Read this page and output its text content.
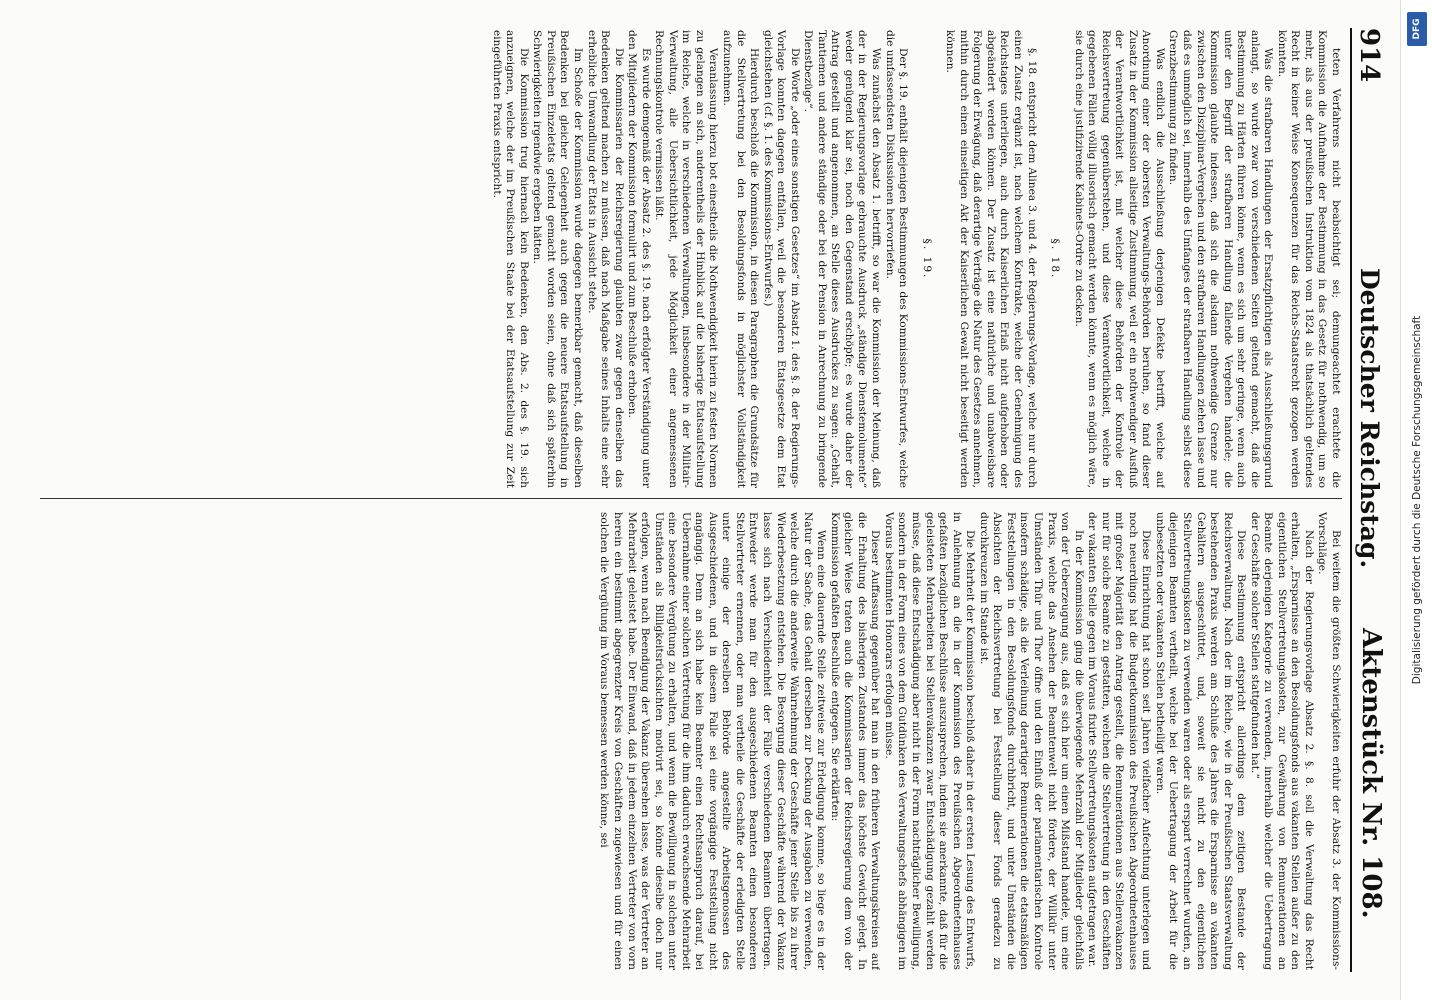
914
Deutscher Reichstag.
Aktenstück Nr. 108.

teten Verfahrens nicht beabsichtigt sei; demungeachtet erachtete die Kommission die Aufnahme der Bestimmung in das Gesetz für nothwendig, um so mehr, als aus der preußischen Instruktion vom 1824 als thatsächlich geltendes Recht in keiner Weise Konsequenzen für das Reichs-Staatsrecht gezogen werden könnten.

Was die strafbaren Handlungen der Ersatzpflichtigen als Ausschließungsgrund anlangt, so wurde zwar von verschiedenen Seiten geltend gemacht, daß die Bestimmung zu Härten führen könne, wenn es sich um sehr geringe, wenn auch unter den Begriff der strafbaren Handlung fallende Vergehen handele; die Kommission glaubte indessen, daß sich die alsdann nothwendige Grenze nur zwischen den Disziplinar-Vergehen und den strafbaren Handlungen ziehen lasse und daß es unmöglich sei, innerhalb des Umfanges der strafbaren Handlung selbst diese Grenzbestimmung zu finden.

Was endlich die Ausschließung derjenigen Defekte betrifft, welche auf Anordnung einer der obersten Verwaltungs-Behörden beruhen, so fand dieser Zusatz in der Kommission allseitige Zustimmung, weil er ein nothwendiger Ausfluß der Verantwortlichkeit ist, mit welcher diese Behörden der Kontrole der Reichsvertretung gegenüberstehen, und diese Verantwortlichkeit, welche in gegebenen Fällen völlig illusorisch gemacht werden könnte, wenn es möglich wäre, sie durch eine justifizirende Kabinets-Ordre zu decken.

§. 18.

§. 18. entspricht dem Alinea 3. und 4. der Regierungs-Vorlage, welche nur durch einen Zusatz ergänzt ist, nach welchem Kontrakte, welche der Genehmigung des Reichstages unterliegen, auch durch Kaiserlichen Erlaß nicht aufgehoben oder abgeändert werden können. Der Zusatz ist eine natürliche und unabweisbare Folgerung der Erwägung, daß derartige Verträge die Natur des Gesetzes annehmen, mithin durch einen einseitigen Akt der Kaiserlichen Gewalt nicht beseitigt werden können.

§. 19.

Der §. 19. enthält diejenigen Bestimmungen des Kommissions-Entwurfes, welche die umfassendsten Diskussionen hervorriefen.

Was zunächst den Absatz 1. betrifft, so war die Kommission der Meinung, daß der in der Regierungsvorlage gebrauchte Ausdruck „ständige Dienstemolumente“ weder genügend klar sei, noch den Gegenstand erschöpfe; es wurde daher der Antrag gestellt und angenommen, an Stelle dieses Ausdruckes zu sagen: „Gehalt, Tantiemen und andere ständige oder bei der Pension in Anrechnung zu bringende Dienstbezüge“.

Die Worte „oder eines sonstigen Gesetzes“ im Absatz 1. des §. 8. der Regierungs-Vorlage konnten dagegen entfallen, weil die besonderen Etatsgesetze dem Etat gleichstehen (cf. §. 1. des Kommissions-Entwurfes.)

Hierdurch beschloß die Kommission, in diesen Paragraphen die Grundsätze für die Stellvertretung bei den Besoldungsfonds in möglichster Vollständigkeit aufzunehmen.

Veranlassung hierzu bot einestheils die Nothwendigkeit hierin zu festen Normen zu gelangen an sich, anderentheils der Hinblick auf die bisherige Etatsaufstellung im Reiche, welche in verschiedenen Verwaltungen, insbesondere in der Militair-Verwaltung, alle Uebersichtlichkeit, jede Möglichkeit einer angemessenen Rechnungskontrole vermissen läßt.

Es wurde demgemäß der Absatz 2. des §. 19. nach erfolgter Verständigung unter den Mitgliedern der Kommission formulirt und zum Beschluße erhoben.

Die Kommissarien der Reichsregierung glaubten zwar gegen denselben das Bedenken geltend machen zu müssen, daß nach Maßgabe seines Inhalts eine sehr erhebliche Umwandlung der Etats in Aussicht stehe.

Im Schoße der Kommission wurde dagegen bemerkbar gemacht, daß dieselben Bedenken bei gleicher Gelegenheit auch gegen die neuere Etatsaufstellung in Preußischen Einzeletats geltend gemacht worden seien, ohne daß sich späterhin Schwierigkeiten irgendwie ergeben hätten.

Die Kommission trug hiernach kein Bedenken, den Abs. 2. des §. 19. sich anzueignen, welche der im Preußischen Staate bei der Etatsaufstellung zur Zeit eingeführten Praxis entspricht.

Bei weitem die größten Schwierigkeiten erfuhr der Absatz 3. der Kommissions-Vorschläge.

Nach der Regierungsvorlage Absatz 2. §. 8. soll die Verwaltung das Recht erhalten, „Ersparnisse an den Besoldungsfonds aus vakanten Stellen außer zu den eigentlichen Stellvertretungskosten, zur Gewährung von Remunerationen an Beamte derjenigen Kategorie zu verwenden, innerhalb welcher die Uebertragung der Geschäfte solcher Stellen stattgefunden hat.“

Diese Bestimmung entspricht allerdings dem zeitigen Bestande der Reichsverwaltung. Nach der im Reiche, wie in der Preußischen Staatsverwaltung bestehenden Praxis werden am Schluße des Jahres die Ersparnisse an vakanten Gehältern ausgeschüttet, und, soweit sie nicht zu den eigentlichen Stellvertretungskosten zu verwenden waren oder als erspart verrechnet wurden, an diejenigen Beamten vertheilt, welche bei der Uebertragung der Arbeit für die unbesetzten oder vakanten Stellen betheiligt waren.

Diese Einrichtung hat schon seit Jahren vielfacher Anfechtung unterlegen und noch neuerdings hat die Budgetkommission des Preußischen Abgeordnetenhauses mit großer Majorität den Antrag gestellt, die Remunerationen aus Stellenvakanzen nur für solche Beamte zu gestatten, welchen die Stellvertretung in den Geschäften der vakanten Stelle gegen im Voraus fixirte Stellvertretungskosten aufgetragen war.

In der Kommission ging die überwiegende Mehrzahl der Mitglieder gleichfalls von der Ueberzeugung aus, daß es sich hier um einen Mißstand handele, um eine Praxis, welche das Ansehen der Beamtenwelt nicht fördere, der Willkür unter Umständen Thür und Thor öffne und den Einfluß der parlamentarischen Kontrole insofern schädige, als die Verleihung derartiger Remunerationen die etatsmäßigen Feststellungen in den Besoldungsfonds durchbricht, und unter Umständen die Absichten der Reichsvertretung bei Feststellung dieser Fonds geradezu zu durchkreuzen im Stande ist.

Die Mehrheit der Kommission beschloß daher in der ersten Lesung des Entwurfs, in Anlehnung an die in der Kommission des Preußischen Abgeordnetenhauses gefaßten bezüglichen Beschlüsse auszusprechen, indem sie anerkannte, daß für die geleisteten Mehrarbeiten bei Stellenvakanzen zwar Entschädigung gezahlt werden müsse, daß diese Entschädigung aber nicht in der Form nachträglicher Bewilligung, sondern in der Form eines von dem Gutdünken des Verwaltungschefs abhängigen im Voraus bestimmten Honorars erfolgen müsse.

Dieser Auffassung gegenüber hat man in den früheren Verwaltungskreisen auf die Erhaltung des bisherigen Zustandes immer das höchste Gewicht gelegt. In gleicher Weise traten auch die Kommissarien der Reichsregierung dem von der Kommission gefaßten Beschluße entgegen. Sie erklärten:

Wenn eine dauernde Stelle zeitweise zur Erledigung komme, so liege es in der Natur der Sache, das Gehalt derselben zur Deckung der Ausgaben zu verwenden, welche durch die anderweite Wahrnehmung der Geschäfte jener Stelle bis zu ihrer Wiederbesetzung entstehen. Die Besorgung dieser Geschäfte während der Vakanz lasse sich nach Verschiedenheit der Fälle verschiedenen Beamten übertragen. Entweder werde man für den ausgeschiedenen Beamten einen besonderen Stellvertreter ernennen, oder man vertheile die Geschäfte der erledigten Stelle unter einige der derselben Behörde angestellte Arbeitsgenossen des Ausgeschiedenen, und in diesem Falle sei eine vorgängige Feststellung nicht angängig. Denn an sich habe kein Beamter einen Rechtsanspruch darauf, bei Uebernahme einer solchen Vertretung für die ihm dadurch erwachsende Mehrarbeit eine besondere Vergütung zu erhalten, und wenn die Bewilligung in solchen unter Umständen als Billigkeitsrücksichten motivirt sei, so könne dieselbe doch nur erfolgen, wenn nach Beendigung der Vakanz übersehen lasse, was der Vertreter an Mehrarbeit geleistet habe. Der Einwand, daß in jedem einzelnen Vertreter von vorn herein ein bestimmt abgegrenzter Kreis von Geschäften zugewiesen und für einen solchen die Vergütung im Voraus bemessen werden könne, sei

DFG
Digitalisierung gefördert durch die Deutsche Forschungsgemeinschaft
